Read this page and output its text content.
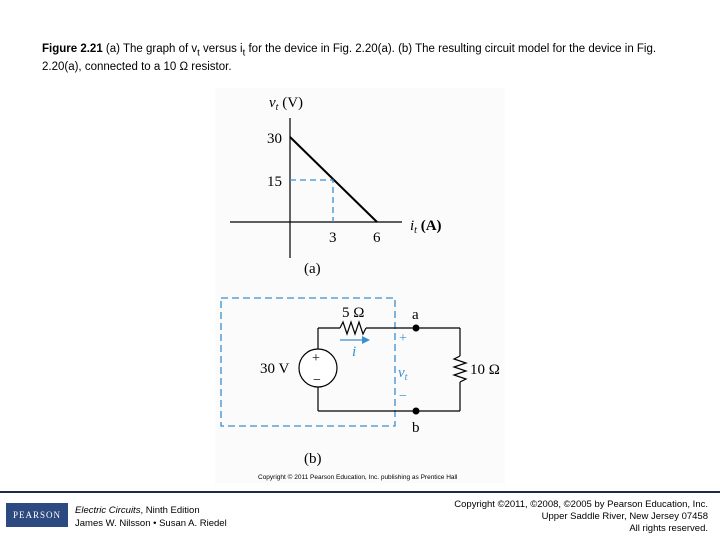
Figure 2.21 (a) The graph of $v_t$ versus $i_t$ for the device in Fig. 2.20(a). (b) The resulting circuit model for the device in Fig. 2.20(a), connected to a 10 Ω resistor.
$v_t$ (V)
30
15
3 6
$i_t$ (A)
(a)
+
−
30 V
a
b
5 Ω
10 Ω
i
+
−
$v_t$
(b)
Copyright © 2011 Pearson Education, Inc. publishing as Prentice Hall
PEARSON	Electric Circuits, Ninth Edition
James W. Nilsson • Susan A. Riedel
Copyright ©2011, ©2008, ©2005 by Pearson Education, Inc.
Upper Saddle River, New Jersey 07458
All rights reserved.
